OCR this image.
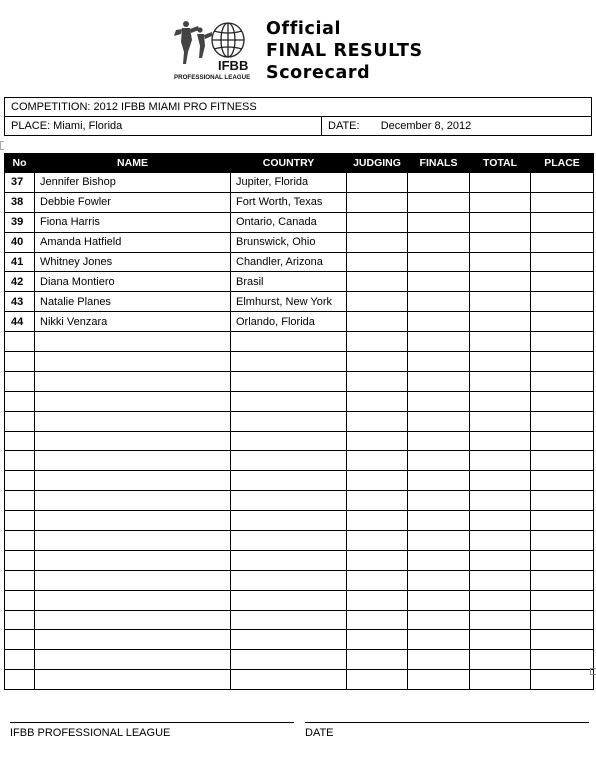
IFBB
PROFESSIONAL LEAGUE
Official
FINAL RESULTS
Scorecard
COMPETITION: 2012 IFBB MIAMI PRO FITNESS
PLACE: Miami, Florida	DATE: December 8, 2012
No	NAME	COUNTRY	JUDGING	FINALS	TOTAL	PLACE
37	Jennifer Bishop	Jupiter, Florida				
38	Debbie Fowler	Fort Worth, Texas				
39	Fiona Harris	Ontario, Canada				
40	Amanda Hatfield	Brunswick, Ohio				
41	Whitney Jones	Chandler, Arizona				
42	Diana Montiero	Brasil				
43	Natalie Planes	Elmhurst, New York				
44	Nikki Venzara	Orlando, Florida				

IFBB PROFESSIONAL LEAGUE	DATE
